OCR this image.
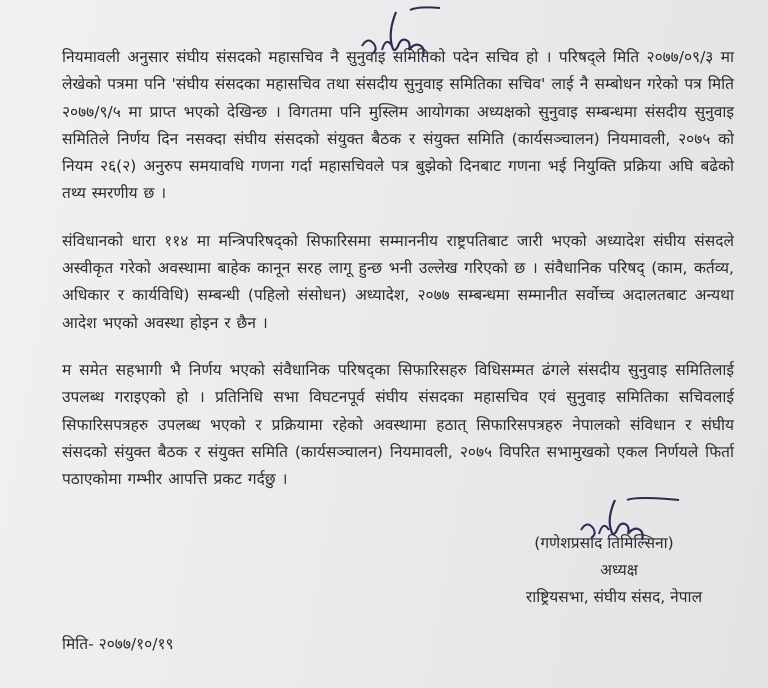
नियमावली अनुसार संघीय संसदको महासचिव नै सुनुवाइ समितिको पदेन सचिव हो । परिषद्ले मिति २०७७/०९/३ मा लेखेको पत्रमा पनि 'संघीय संसदका महासचिव तथा संसदीय सुनुवाइ समितिका सचिव' लाई नै सम्बोधन गरेको पत्र मिति २०७७/९/५ मा प्राप्त भएको देखिन्छ । विगतमा पनि मुस्लिम आयोगका अध्यक्षको सुनुवाइ सम्बन्धमा संसदीय सुनुवाइ समितिले निर्णय दिन नसक्दा संघीय संसदको संयुक्त बैठक र संयुक्त समिति (कार्यसञ्चालन) नियमावली, २०७५ को नियम २६(२) अनुरुप समयावधि गणना गर्दा महासचिवले पत्र बुझेको दिनबाट गणना भई नियुक्ति प्रक्रिया अघि बढेको तथ्य स्मरणीय छ ।

संविधानको धारा ११४ मा मन्त्रिपरिषद्को सिफारिसमा सम्माननीय राष्ट्रपतिबाट जारी भएको अध्यादेश संघीय संसदले अस्वीकृत गरेको अवस्थामा बाहेक कानून सरह लागू हुन्छ भनी उल्लेख गरिएको छ । संवैधानिक परिषद् (काम, कर्तव्य, अधिकार र कार्यविधि) सम्बन्धी (पहिलो संसोधन) अध्यादेश, २०७७ सम्बन्धमा सम्मानीत सर्वोच्च अदालतबाट अन्यथा आदेश भएको अवस्था होइन र छैन ।

म समेत सहभागी भै निर्णय भएको संवैधानिक परिषद्का सिफारिसहरु विधिसम्मत ढंगले संसदीय सुनुवाइ समितिलाई उपलब्ध गराइएको हो । प्रतिनिधि सभा विघटनपूर्व संघीय संसदका महासचिव एवं सुनुवाइ समितिका सचिवलाई सिफारिसपत्रहरु उपलब्ध भएको र प्रक्रियामा रहेको अवस्थामा हठात् सिफारिसपत्रहरु नेपालको संविधान र संघीय संसदको संयुक्त बैठक र संयुक्त समिति (कार्यसञ्चालन) नियमावली, २०७५ विपरित सभामुखको एकल निर्णयले फिर्ता पठाएकोमा गम्भीर आपत्ति प्रकट गर्दछु ।

(गणेशप्रसाद तिमिल्सिना)
अध्यक्ष
राष्ट्रियसभा, संघीय संसद, नेपाल
मिति- २०७७/१०/१९
